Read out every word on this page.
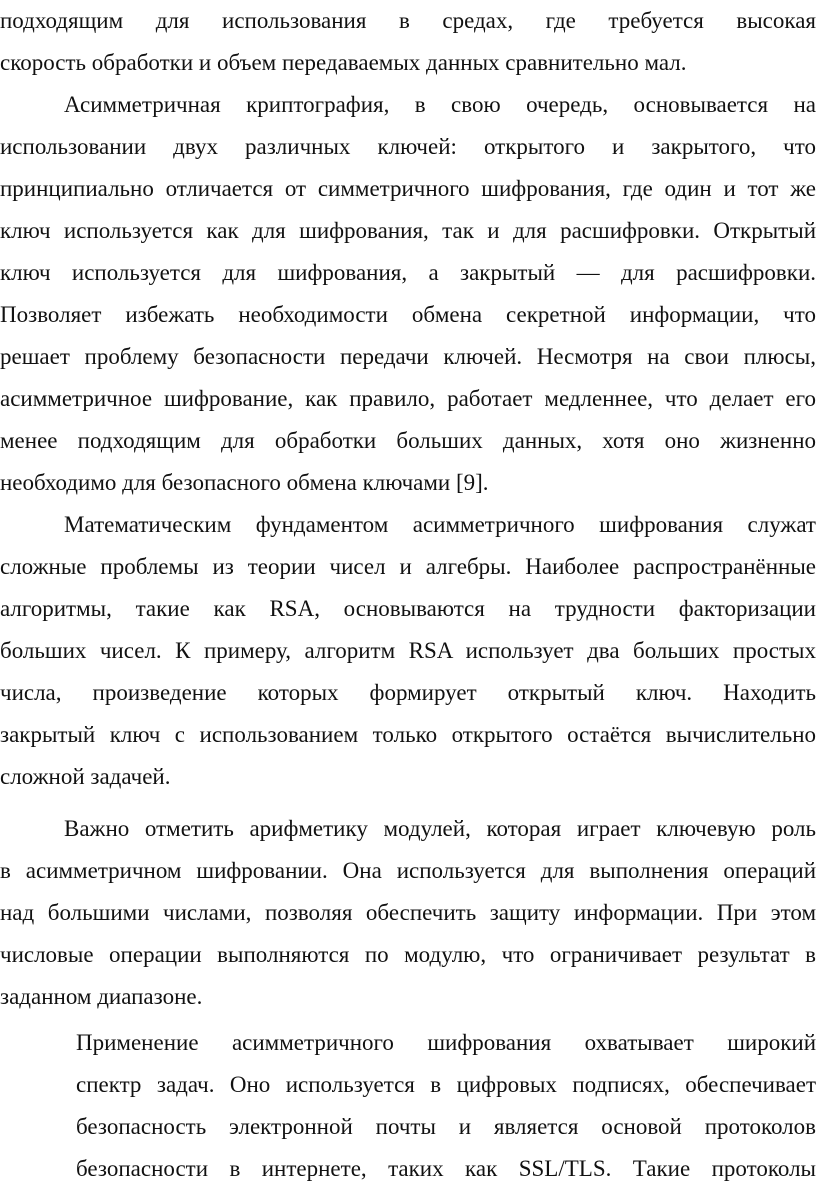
подходящим для использования в средах, где требуется высокая
скорость обработки и объем передаваемых данных сравнительно мал.
Асимметричная криптография, в свою очередь, основывается на
использовании двух различных ключей: открытого и закрытого, что
принципиально отличается от симметричного шифрования, где один и тот же
ключ используется как для шифрования, так и для расшифровки. Открытый
ключ используется для шифрования, а закрытый — для расшифровки.
Позволяет избежать необходимости обмена секретной информации, что
решает проблему безопасности передачи ключей. Несмотря на свои плюсы,
асимметричное шифрование, как правило, работает медленнее, что делает его
менее подходящим для обработки больших данных, хотя оно жизненно
необходимо для безопасного обмена ключами [9].
Математическим фундаментом асимметричного шифрования служат
сложные проблемы из теории чисел и алгебры. Наиболее распространённые
алгоритмы, такие как RSA, основываются на трудности факторизации
больших чисел. К примеру, алгоритм RSA использует два больших простых
числа, произведение которых формирует открытый ключ. Находить
закрытый ключ с использованием только открытого остаётся вычислительно
сложной задачей.
Важно отметить арифметику модулей, которая играет ключевую роль
в асимметричном шифровании. Она используется для выполнения операций
над большими числами, позволяя обеспечить защиту информации. При этом
числовые операции выполняются по модулю, что ограничивает результат в
заданном диапазоне.
Применение асимметричного шифрования охватывает широкий
спектр задач. Оно используется в цифровых подписях, обеспечивает
безопасность электронной почты и является основой протоколов
безопасности в интернете, таких как SSL/TLS. Такие протоколы
